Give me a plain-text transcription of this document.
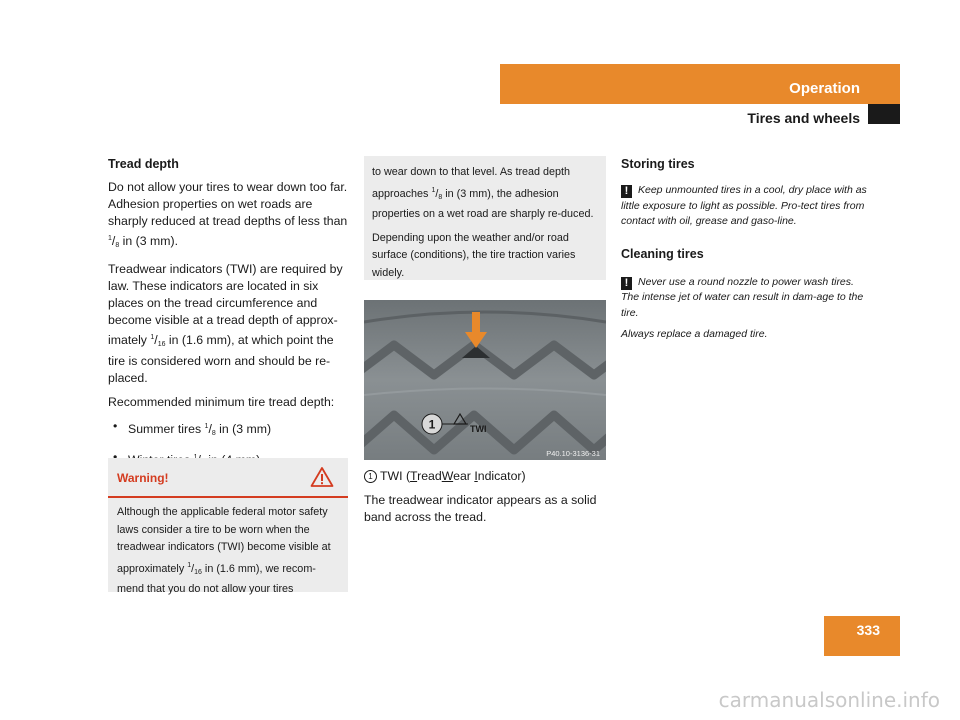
Operation
Tires and wheels
Tread depth

Do not allow your tires to wear down too far. Adhesion properties on wet roads are sharply reduced at tread depths of less than $^1/_8$ in (3 mm).

Treadwear indicators (TWI) are required by law. These indicators are located in six places on the tread circumference and become visible at a tread depth of approx-imately $^1/_{16}$ in (1.6 mm), at which point the tire is considered worn and should be re-placed.

Recommended minimum tire tread depth:

• Summer tires $^1/_8$ in (3 mm)
•
Warning!
Although the applicable federal motor safety laws consider a tire to be worn when the treadwear indicators (TWI) become visible at approximately $^1/_{16}$ in (1.6 mm), we recom-mend that you do not allow your tires

to wear down to that level. As tread depth approaches $^1/_8$ in (3 mm), the adhesion properties on a wet road are sharply re-duced.

Depending upon the weather and/or road surface (conditions), the tire traction varies widely.

1	TWI
P40.10-3136-31

1 TWI (TreadWear Indicator)

The treadwear indicator appears as a solid band across the tread.

Storing tires

! Keep unmounted tires in a cool, dry place with as little exposure to light as possible. Pro-tect tires from contact with oil, grease and gaso-line.

Cleaning tires

! Never use a round nozzle to power wash tires. The intense jet of water can result in dam-age to the tire.

Always replace a damaged tire.

333
carmanualsonline.info
